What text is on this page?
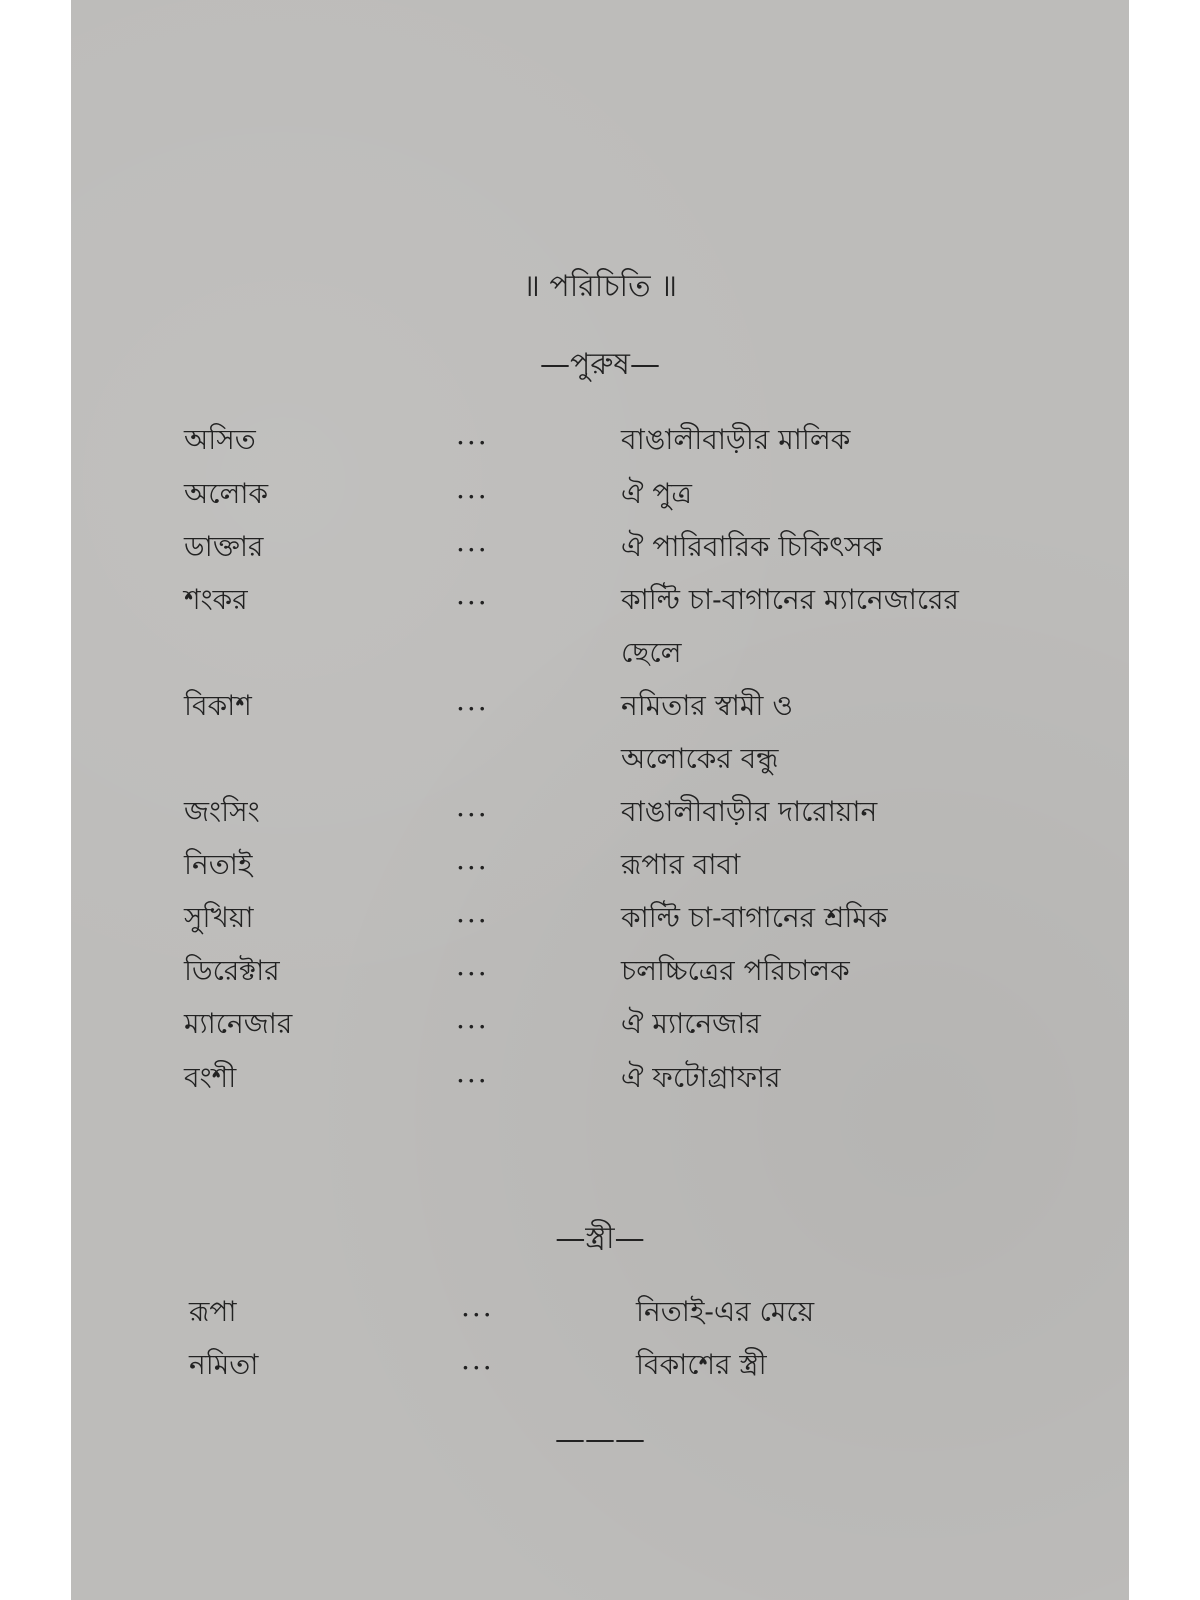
॥ পরিচিতি ॥
—পুরুষ—
অসিত	...	বাঙালীবাড়ীর মালিক
অলোক	...	ঐ পুত্র
ডাক্তার	...	ঐ পারিবারিক চিকিৎসক
শংকর	...	কাল্টি চা-বাগানের ম্যানেজারের
ছেলে
বিকাশ	...	নমিতার স্বামী ও
অলোকের বন্ধু
জংসিং	...	বাঙালীবাড়ীর দারোয়ান
নিতাই	...	রূপার বাবা
সুখিয়া	...	কাল্টি চা-বাগানের শ্রমিক
ডিরেক্টার	...	চলচ্চিত্রের পরিচালক
ম্যানেজার	...	ঐ ম্যানেজার
বংশী	...	ঐ ফটোগ্রাফার
—স্ত্রী—
রূপা	...	নিতাই-এর মেয়ে
নমিতা	...	বিকাশের স্ত্রী
———
